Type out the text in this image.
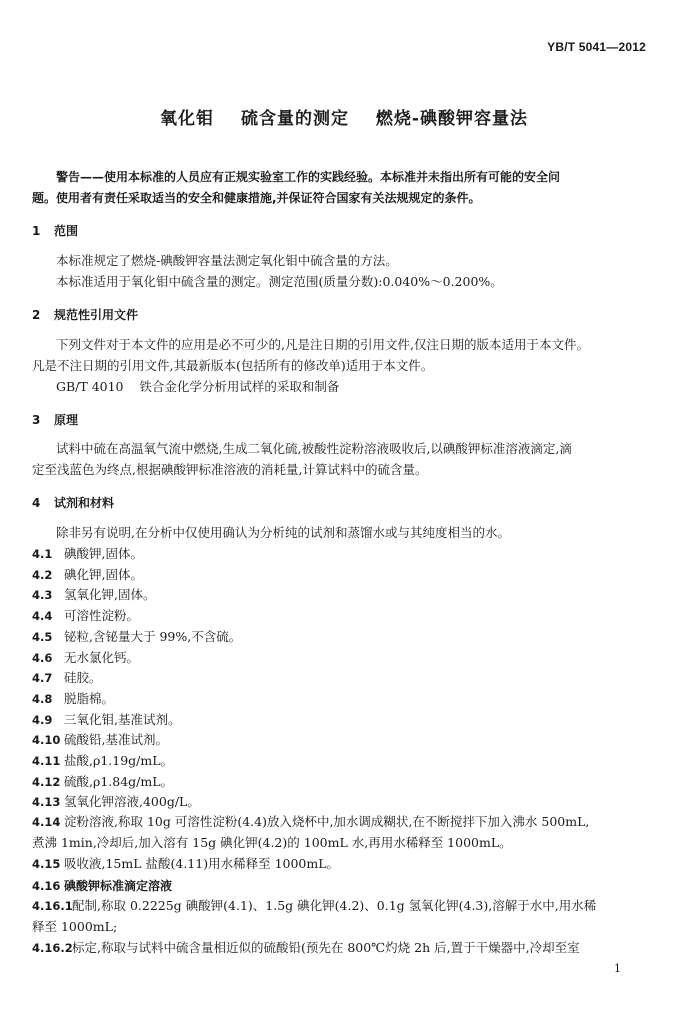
YB/T 5041—2012
氧化钼 硫含量的测定 燃烧-碘酸钾容量法
警告——使用本标准的人员应有正规实验室工作的实践经验。本标准并未指出所有可能的安全问
题。使用者有责任采取适当的安全和健康措施,并保证符合国家有关法规规定的条件。
1 范围
本标准规定了燃烧-碘酸钾容量法测定氧化钼中硫含量的方法。
本标准适用于氧化钼中硫含量的测定。测定范围(质量分数):0.040%～0.200%。
2 规范性引用文件
下列文件对于本文件的应用是必不可少的,凡是注日期的引用文件,仅注日期的版本适用于本文件。
凡是不注日期的引用文件,其最新版本(包括所有的修改单)适用于本文件。
GB/T 4010    铁合金化学分析用试样的采取和制备
3 原理
试料中硫在高温氧气流中燃烧,生成二氧化硫,被酸性淀粉溶液吸收后,以碘酸钾标准溶液滴定,滴
定至浅蓝色为终点,根据碘酸钾标准溶液的消耗量,计算试料中的硫含量。
4 试剂和材料
除非另有说明,在分析中仅使用确认为分析纯的试剂和蒸馏水或与其纯度相当的水。
4.1 碘酸钾,固体。
4.2 碘化钾,固体。
4.3 氢氧化钾,固体。
4.4 可溶性淀粉。
4.5 铋粒,含铋量大于 99%,不含硫。
4.6 无水氯化钙。
4.7 硅胶。
4.8 脱脂棉。
4.9 三氧化钼,基准试剂。
4.10 硫酸铅,基准试剂。
4.11 盐酸,ρ1.19g/mL。
4.12 硫酸,ρ1.84g/mL。
4.13 氢氧化钾溶液,400g/L。
4.14 淀粉溶液,称取 10g 可溶性淀粉(4.4)放入烧杯中,加水调成糊状,在不断搅拌下加入沸水 500mL,
煮沸 1min,冷却后,加入溶有 15g 碘化钾(4.2)的 100mL 水,再用水稀释至 1000mL。
4.15 吸收液,15mL 盐酸(4.11)用水稀释至 1000mL。
4.16 碘酸钾标准滴定溶液
4.16.1配制,称取 0.2225g 碘酸钾(4.1)、1.5g 碘化钾(4.2)、0.1g 氢氧化钾(4.3),溶解于水中,用水稀
释至 1000mL;
4.16.2标定,称取与试料中硫含量相近似的硫酸铅(预先在 800℃灼烧 2h 后,置于干燥器中,冷却至室
1
